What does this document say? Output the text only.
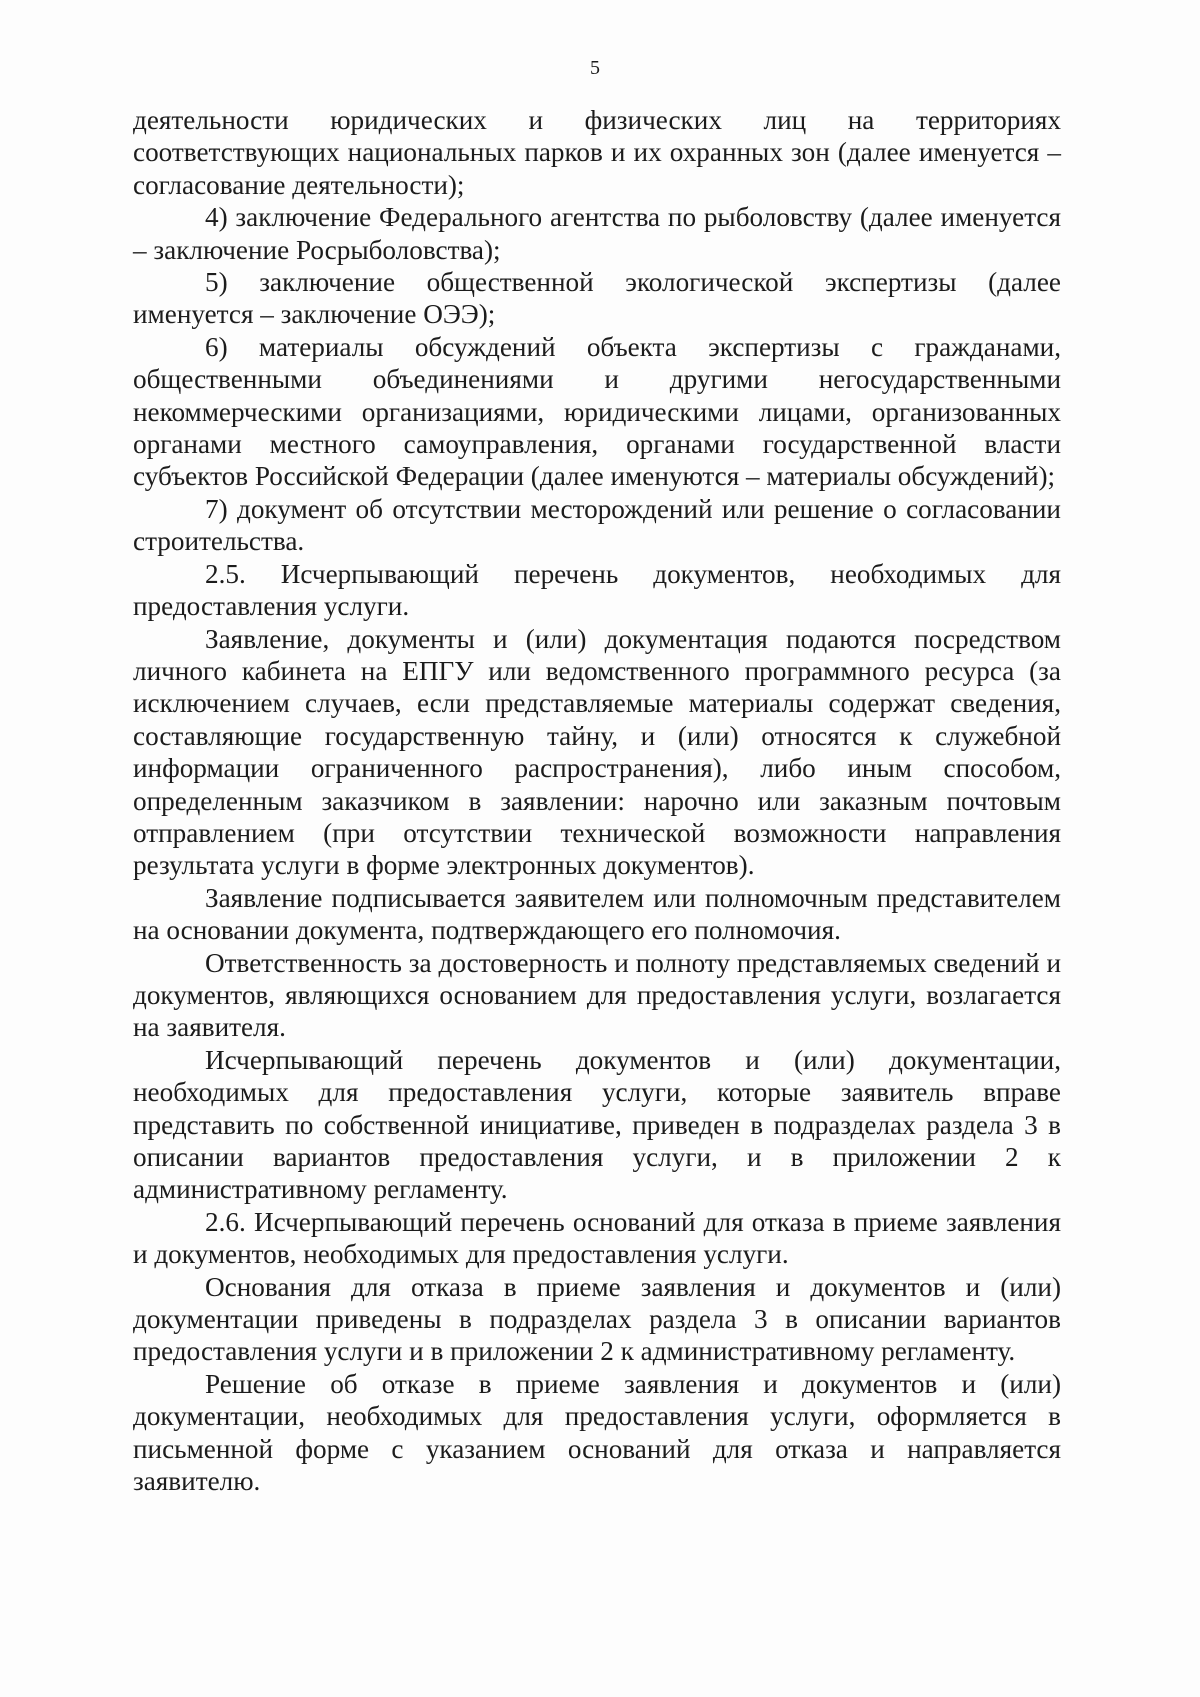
5

деятельности юридических и физических лиц на территориях соответствующих национальных парков и их охранных зон (далее именуется – согласование деятельности);

4) заключение Федерального агентства по рыболовству (далее именуется – заключение Росрыболовства);

5) заключение общественной экологической экспертизы (далее именуется – заключение ОЭЭ);

6) материалы обсуждений объекта экспертизы с гражданами, общественными объединениями и другими негосударственными некоммерческими организациями, юридическими лицами, организованных органами местного самоуправления, органами государственной власти субъектов Российской Федерации (далее именуются – материалы обсуждений);

7) документ об отсутствии месторождений или решение о согласовании строительства.

2.5. Исчерпывающий перечень документов, необходимых для предоставления услуги.

Заявление, документы и (или) документация подаются посредством личного кабинета на ЕПГУ или ведомственного программного ресурса (за исключением случаев, если представляемые материалы содержат сведения, составляющие государственную тайну, и (или) относятся к служебной информации ограниченного распространения), либо иным способом, определенным заказчиком в заявлении: нарочно или заказным почтовым отправлением (при отсутствии технической возможности направления результата услуги в форме электронных документов).

Заявление подписывается заявителем или полномочным представителем на основании документа, подтверждающего его полномочия.

Ответственность за достоверность и полноту представляемых сведений и документов, являющихся основанием для предоставления услуги, возлагается на заявителя.

Исчерпывающий перечень документов и (или) документации, необходимых для предоставления услуги, которые заявитель вправе представить по собственной инициативе, приведен в подразделах раздела 3 в описании вариантов предоставления услуги, и в приложении 2 к административному регламенту.

2.6. Исчерпывающий перечень оснований для отказа в приеме заявления и документов, необходимых для предоставления услуги.

Основания для отказа в приеме заявления и документов и (или) документации приведены в подразделах раздела 3 в описании вариантов предоставления услуги и в приложении 2 к административному регламенту.

Решение об отказе в приеме заявления и документов и (или) документации, необходимых для предоставления услуги, оформляется в письменной форме с указанием оснований для отказа и направляется заявителю.
